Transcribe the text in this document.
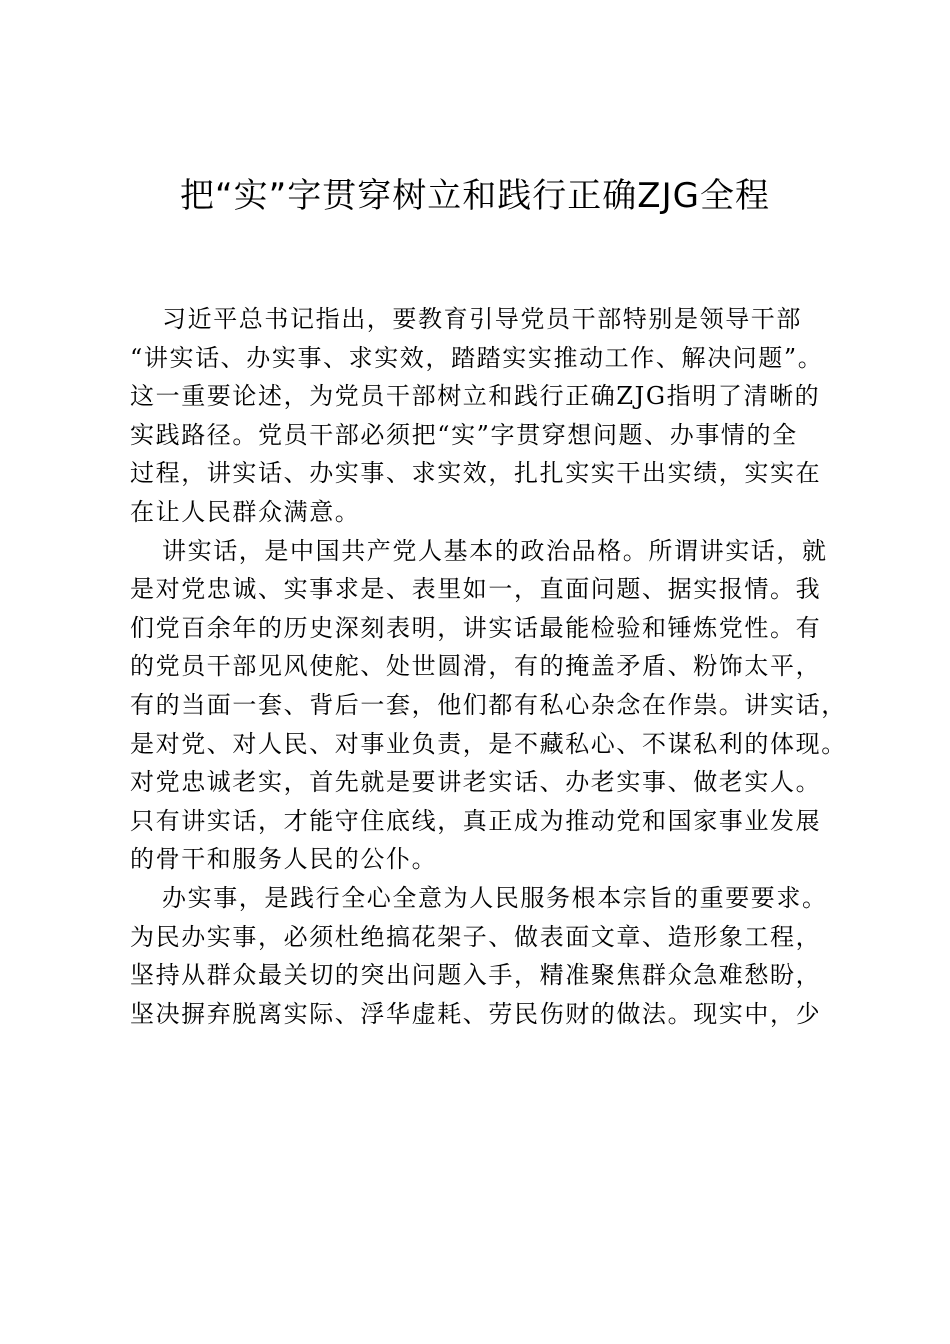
把“实”字贯穿树立和践行正确ZJG全程
习近平总书记指出，要教育引导党员干部特别是领导干部
“讲实话、办实事、求实效，踏踏实实推动工作、解决问题”。
这一重要论述，为党员干部树立和践行正确ZJG指明了清晰的
实践路径。党员干部必须把“实”字贯穿想问题、办事情的全
过程，讲实话、办实事、求实效，扎扎实实干出实绩，实实在
在让人民群众满意。
讲实话，是中国共产党人基本的政治品格。所谓讲实话，就
是对党忠诚、实事求是、表里如一，直面问题、据实报情。我
们党百余年的历史深刻表明，讲实话最能检验和锤炼党性。有
的党员干部见风使舵、处世圆滑，有的掩盖矛盾、粉饰太平，
有的当面一套、背后一套，他们都有私心杂念在作祟。讲实话，
是对党、对人民、对事业负责，是不藏私心、不谋私利的体现。
对党忠诚老实，首先就是要讲老实话、办老实事、做老实人。
只有讲实话，才能守住底线，真正成为推动党和国家事业发展
的骨干和服务人民的公仆。
办实事，是践行全心全意为人民服务根本宗旨的重要要求。
为民办实事，必须杜绝搞花架子、做表面文章、造形象工程，
坚持从群众最关切的突出问题入手，精准聚焦群众急难愁盼，
坚决摒弃脱离实际、浮华虚耗、劳民伤财的做法。现实中，少
